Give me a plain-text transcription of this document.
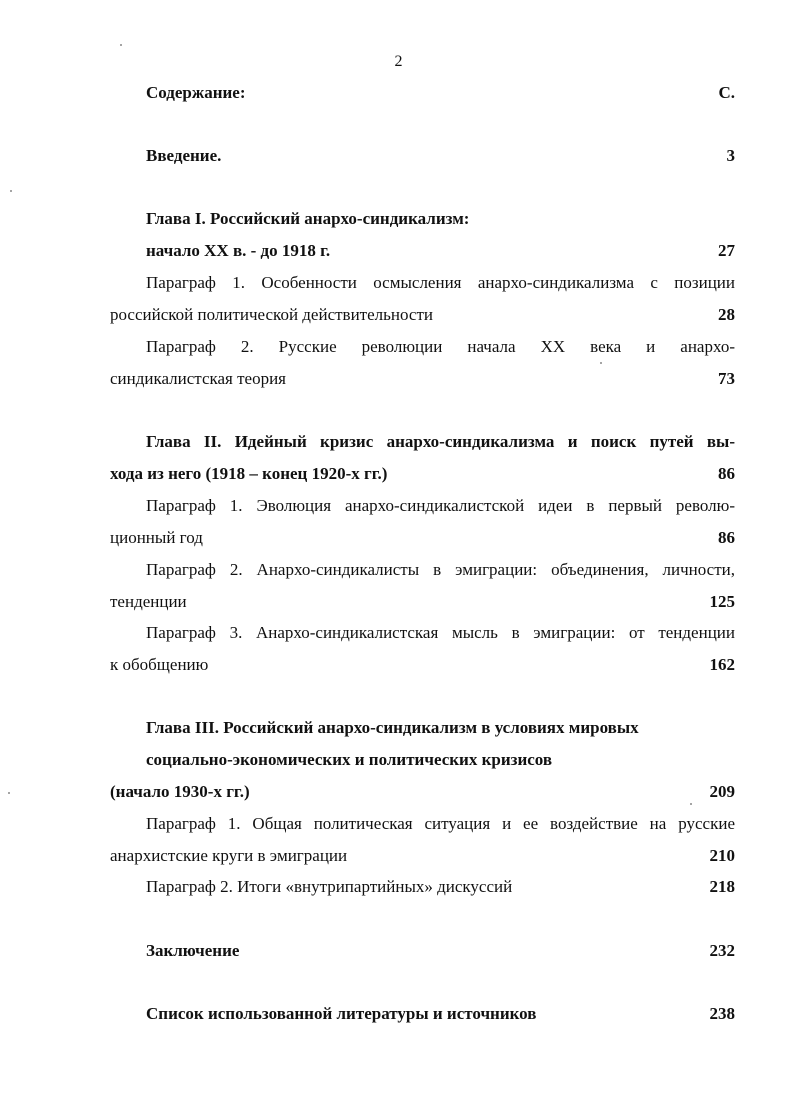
2
Содержание:	С.
Введение.	3
Глава I. Российский анархо-синдикализм:
начало XX в. - до 1918 г.	27
Параграф 1. Особенности осмысления анархо-синдикализма с позиции
российской политической действительности	28
Параграф 2. Русские революции начала XX века и анархо-
синдикалистская теория	73
Глава II. Идейный кризис анархо-синдикализма и поиск путей вы-
хода из него (1918 – конец 1920-х гг.)	86
Параграф 1. Эволюция анархо-синдикалистской идеи в первый револю-
ционный год	86
Параграф 2. Анархо-синдикалисты в эмиграции: объединения, личности,
тенденции	125
Параграф 3. Анархо-синдикалистская мысль в эмиграции: от тенденции
к обобщению	162
Глава III. Российский анархо-синдикализм в условиях мировых
социально-экономических и политических кризисов
(начало 1930-х гг.)	209
Параграф 1. Общая политическая ситуация и ее воздействие на русские
анархистские круги в эмиграции	210
Параграф 2. Итоги «внутрипартийных» дискуссий	218
Заключение	232
Список использованной литературы и источников	238
